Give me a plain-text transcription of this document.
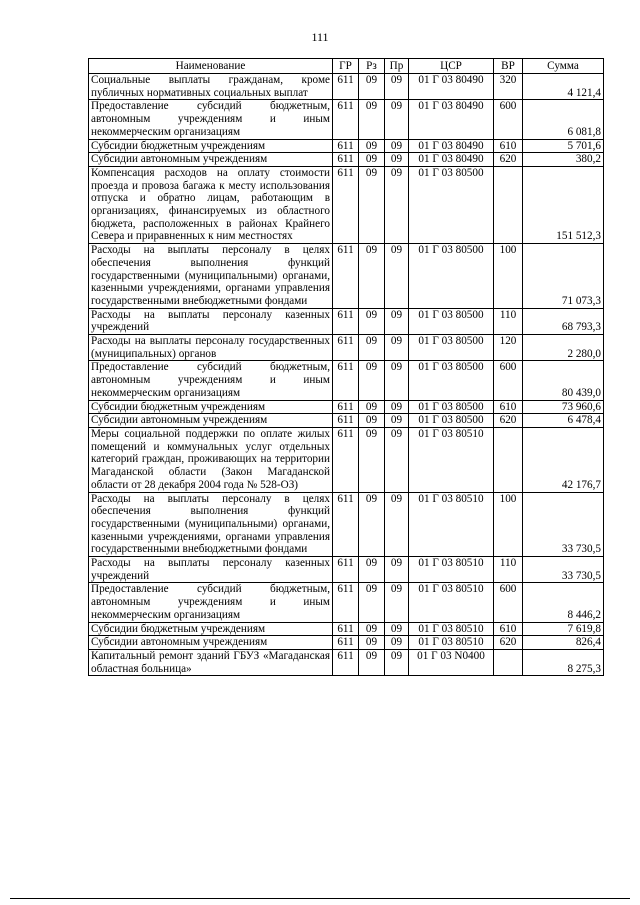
111
Наименование	ГР	Рз	Пр	ЦСР	ВР	Сумма
Социальные выплаты гражданам, кроме публичных нормативных социальных выплат	611	09	09	01 Г 03 80490	320	4 121,4
Предоставление субсидий бюджетным, автономным учреждениям и иным некоммерческим организациям	611	09	09	01 Г 03 80490	600	6 081,8
Субсидии бюджетным учреждениям	611	09	09	01 Г 03 80490	610	5 701,6
Субсидии автономным учреждениям	611	09	09	01 Г 03 80490	620	380,2
Компенсация расходов на оплату стоимости проезда и провоза багажа к месту использования отпуска и обратно лицам, работающим в организациях, финансируемых из областного бюджета, расположенных в районах Крайнего Севера и приравненных к ним местностях	611	09	09	01 Г 03 80500		151 512,3
Расходы на выплаты персоналу в целях обеспечения выполнения функций государственными (муниципальными) органами, казенными учреждениями, органами управления государственными внебюджетными фондами	611	09	09	01 Г 03 80500	100	71 073,3
Расходы на выплаты персоналу казенных учреждений	611	09	09	01 Г 03 80500	110	68 793,3
Расходы на выплаты персоналу государственных (муниципальных) органов	611	09	09	01 Г 03 80500	120	2 280,0
Предоставление субсидий бюджетным, автономным учреждениям и иным некоммерческим организациям	611	09	09	01 Г 03 80500	600	80 439,0
Субсидии бюджетным учреждениям	611	09	09	01 Г 03 80500	610	73 960,6
Субсидии автономным учреждениям	611	09	09	01 Г 03 80500	620	6 478,4
Меры социальной поддержки по оплате жилых помещений и коммунальных услуг отдельных категорий граждан, проживающих на территории Магаданской области (Закон Магаданской области от 28 декабря 2004 года № 528-ОЗ)	611	09	09	01 Г 03 80510		42 176,7
Расходы на выплаты персоналу в целях обеспечения выполнения функций государственными (муниципальными) органами, казенными учреждениями, органами управления государственными внебюджетными фондами	611	09	09	01 Г 03 80510	100	33 730,5
Расходы на выплаты персоналу казенных учреждений	611	09	09	01 Г 03 80510	110	33 730,5
Предоставление субсидий бюджетным, автономным учреждениям и иным некоммерческим организациям	611	09	09	01 Г 03 80510	600	8 446,2
Субсидии бюджетным учреждениям	611	09	09	01 Г 03 80510	610	7 619,8
Субсидии автономным учреждениям	611	09	09	01 Г 03 80510	620	826,4
Капитальный ремонт зданий ГБУЗ «Магаданская областная больница»	611	09	09	01 Г 03 N0400		8 275,3
